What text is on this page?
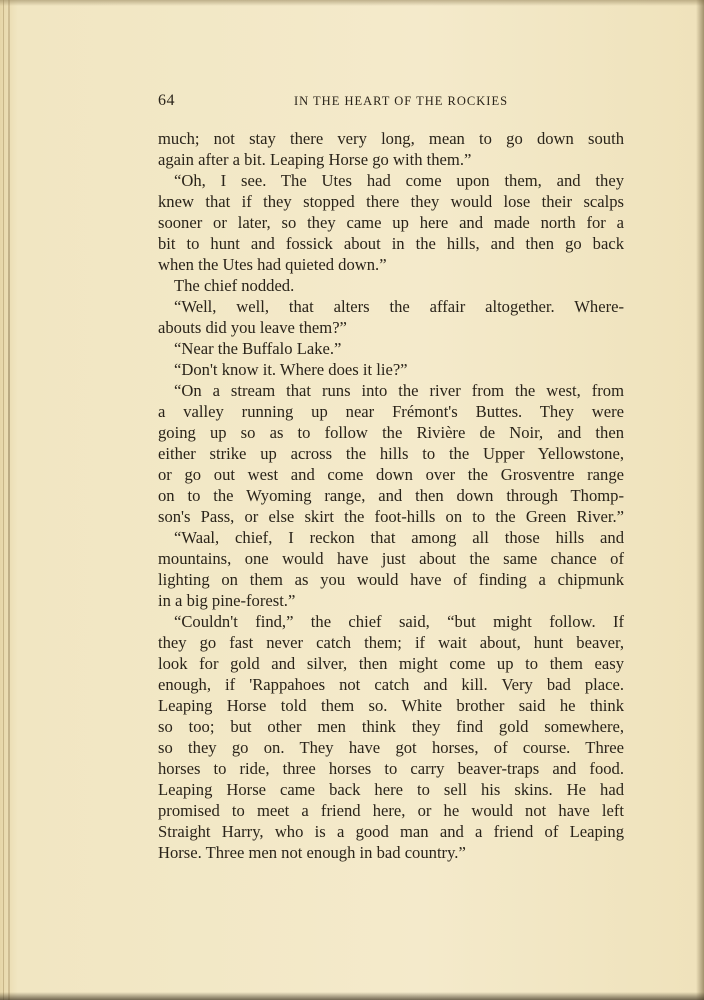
64	IN THE HEART OF THE ROCKIES
much; not stay there very long, mean to go down south
again after a bit. Leaping Horse go with them.”
“Oh, I see. The Utes had come upon them, and they
knew that if they stopped there they would lose their scalps
sooner or later, so they came up here and made north for a
bit to hunt and fossick about in the hills, and then go back
when the Utes had quieted down.”
The chief nodded.
“Well, well, that alters the affair altogether. Where-
abouts did you leave them?”
“Near the Buffalo Lake.”
“Don't know it. Where does it lie?”
“On a stream that runs into the river from the west, from
a valley running up near Frémont's Buttes. They were
going up so as to follow the Rivière de Noir, and then
either strike up across the hills to the Upper Yellowstone,
or go out west and come down over the Grosventre range
on to the Wyoming range, and then down through Thomp-
son's Pass, or else skirt the foot-hills on to the Green River.”
“Waal, chief, I reckon that among all those hills and
mountains, one would have just about the same chance of
lighting on them as you would have of finding a chipmunk
in a big pine-forest.”
“Couldn't find,” the chief said, “but might follow. If
they go fast never catch them; if wait about, hunt beaver,
look for gold and silver, then might come up to them easy
enough, if 'Rappahoes not catch and kill. Very bad place.
Leaping Horse told them so. White brother said he think
so too; but other men think they find gold somewhere,
so they go on. They have got horses, of course. Three
horses to ride, three horses to carry beaver-traps and food.
Leaping Horse came back here to sell his skins. He had
promised to meet a friend here, or he would not have left
Straight Harry, who is a good man and a friend of Leaping
Horse. Three men not enough in bad country.”
